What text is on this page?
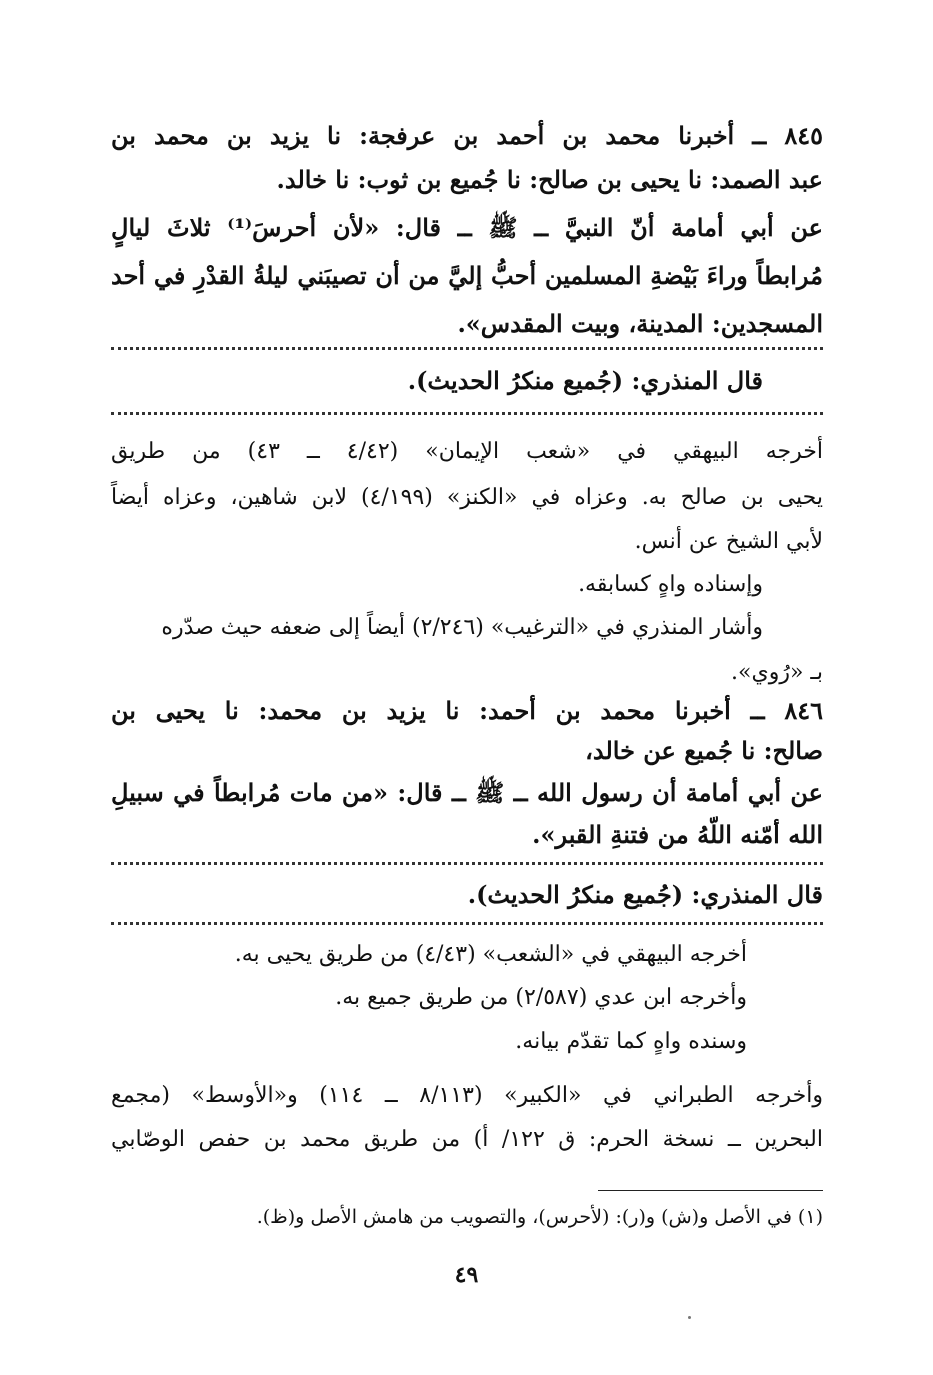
٨٤٥ ــ أخبرنا محمد بن أحمد بن عرفجة: نا يزيد بن محمد بن
عبد الصمد: نا يحيى بن صالح: نا جُميع بن ثوب: نا خالد.
عن أبي أمامة أنّ النبيَّ ــ ﷺ ــ قال: «لأن أحرسَ⁽¹⁾ ثلاثَ ليالٍ
مُرابطاً وراءَ بَيْضةِ المسلمين أحبُّ إليَّ من أن تصيبَني ليلةُ القدْرِ في أحد
المسجدين: المدينة، وبيت المقدس».
قال المنذري: (جُميع منكرُ الحديث).
أخرجه البيهقي في «شعب الإيمان» (٤/٤٢ ــ ٤٣) من طريق
يحيى بن صالح به. وعزاه في «الكنز» (٤/١٩٩) لابن شاهين، وعزاه أيضاً
لأبي الشيخ عن أنس.
وإسناده واهٍ كسابقه.
وأشار المنذري في «الترغيب» (٢/٢٤٦) أيضاً إلى ضعفه حيث صدّره
بـ «رُوي».
٨٤٦ ــ أخبرنا محمد بن أحمد: نا يزيد بن محمد: نا يحيى بن
صالح: نا جُميع عن خالد،
عن أبي أمامة أن رسول الله ــ ﷺ ــ قال: «من مات مُرابطاً في سبيلِ
الله أمّنه اللّهُ من فتنةِ القبر».
قال المنذري: (جُميع منكرُ الحديث).
أخرجه البيهقي في «الشعب» (٤/٤٣) من طريق يحيى به.
وأخرجه ابن عدي (٢/٥٨٧) من طريق جميع به.
وسنده واهٍ كما تقدّم بيانه.
وأخرجه الطبراني في «الكبير» (٨/١١٣ ــ ١١٤) و«الأوسط» (مجمع
البحرين ــ نسخة الحرم: ق ١٢٢/ أ) من طريق محمد بن حفص الوصّابي
(١) في الأصل و(ش) و(ر): (لأحرس)، والتصويب من هامش الأصل و(ظ).
٤٩
